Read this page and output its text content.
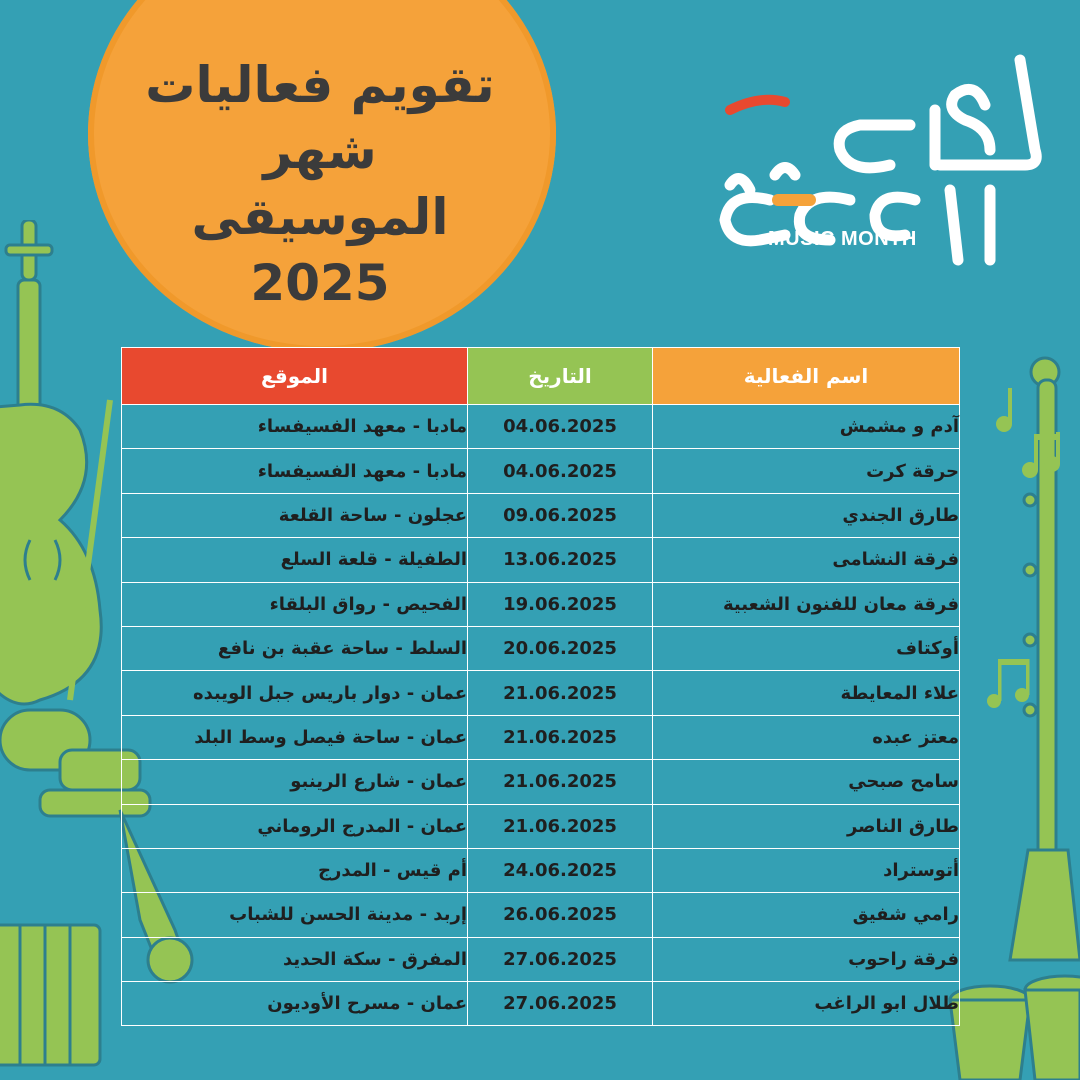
تقويم فعاليات
شهر الموسيقى
2025
MUSIC MONTH
اسم الفعالية	التاريخ	الموقع
آدم و مشمش	04.06.2025	مادبا - معهد الفسيفساء
حرقة كرت	04.06.2025	مادبا - معهد الفسيفساء
طارق الجندي	09.06.2025	عجلون - ساحة القلعة
فرقة النشامى	13.06.2025	الطفيلة - قلعة السلع
فرقة معان للفنون الشعبية	19.06.2025	الفحيص - رواق البلقاء
أوكتاف	20.06.2025	السلط - ساحة عقبة بن نافع
علاء المعايطة	21.06.2025	عمان - دوار باريس جبل الويبده
معتز عبده	21.06.2025	عمان - ساحة فيصل وسط البلد
سامح صبحي	21.06.2025	عمان - شارع الرينبو
طارق الناصر	21.06.2025	عمان - المدرج الروماني
أتوستراد	24.06.2025	أم قيس - المدرج
رامي شفيق	26.06.2025	إربد - مدينة الحسن للشباب
فرقة راحوب	27.06.2025	المفرق - سكة الحديد
طلال ابو الراغب	27.06.2025	عمان - مسرح الأوديون
